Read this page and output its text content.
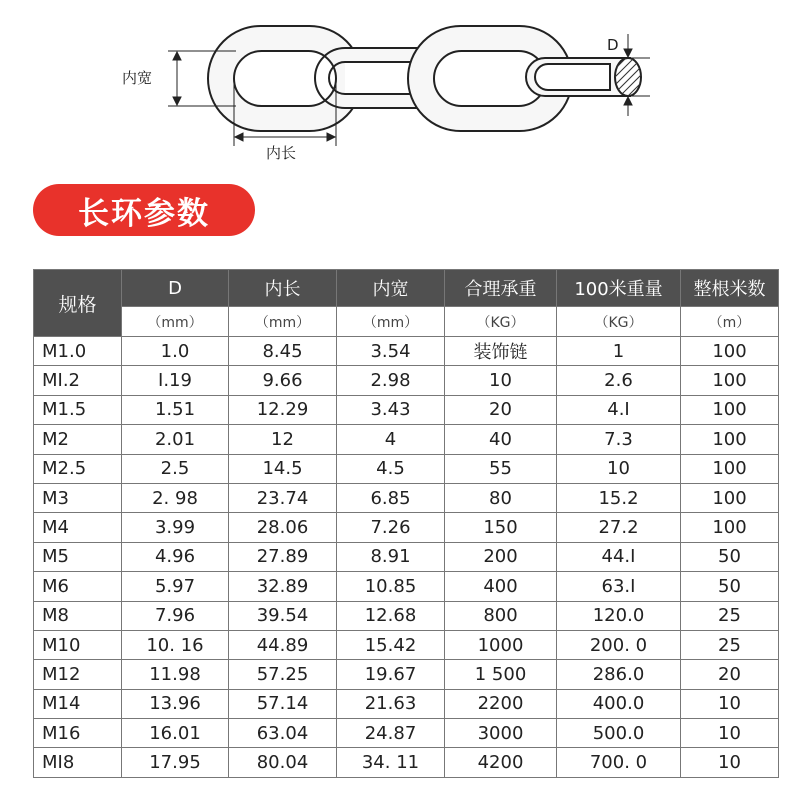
内宽
内长
D
长环参数
规格	D	内长	内宽	合理承重	100米重量	整根米数
	（mm）	（mm）	（mm）	（KG）	（KG）	（m）
M1.0	1.0	8.45	3.54	装饰链	1	100
MI.2	I.19	9.66	2.98	10	2.6	100
M1.5	1.51	12.29	3.43	20	4.I	100
M2	2.01	12	4	40	7.3	100
M2.5	2.5	14.5	4.5	55	10	100
M3	2. 98	23.74	6.85	80	15.2	100
M4	3.99	28.06	7.26	150	27.2	100
M5	4.96	27.89	8.91	200	44.I	50
M6	5.97	32.89	10.85	400	63.I	50
M8	7.96	39.54	12.68	800	120.0	25
M10	10. 16	44.89	15.42	1000	200. 0	25
M12	11.98	57.25	19.67	1 500	286.0	20
M14	13.96	57.14	21.63	2200	400.0	10
M16	16.01	63.04	24.87	3000	500.0	10
MI8	17.95	80.04	34. 11	4200	700. 0	10
